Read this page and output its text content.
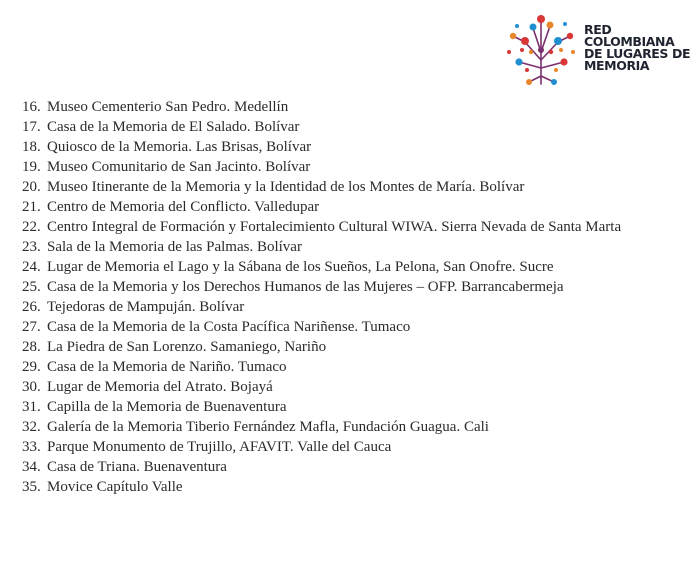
RED
COLOMBIANA
DE LUGARES DE
MEMORIA
16. Museo Cementerio San Pedro. Medellín
17. Casa de la Memoria de El Salado. Bolívar
18. Quiosco de la Memoria. Las Brisas, Bolívar
19. Museo Comunitario de San Jacinto. Bolívar
20. Museo Itinerante de la Memoria y la Identidad de los Montes de María. Bolívar
21. Centro de Memoria del Conflicto. Valledupar
22. Centro Integral de Formación y Fortalecimiento Cultural WIWA. Sierra Nevada de Santa Marta
23. Sala de la Memoria de las Palmas. Bolívar
24. Lugar de Memoria el Lago y la Sábana de los Sueños, La Pelona, San Onofre. Sucre
25. Casa de la Memoria y los Derechos Humanos de las Mujeres – OFP. Barrancabermeja
26. Tejedoras de Mampuján. Bolívar
27. Casa de la Memoria de la Costa Pacífica Nariñense. Tumaco
28. La Piedra de San Lorenzo. Samaniego, Nariño
29. Casa de la Memoria de Nariño. Tumaco
30. Lugar de Memoria del Atrato. Bojayá
31. Capilla de la Memoria de Buenaventura
32. Galería de la Memoria Tiberio Fernández Mafla, Fundación Guagua. Cali
33. Parque Monumento de Trujillo, AFAVIT. Valle del Cauca
34. Casa de Triana. Buenaventura
35. Movice Capítulo Valle
